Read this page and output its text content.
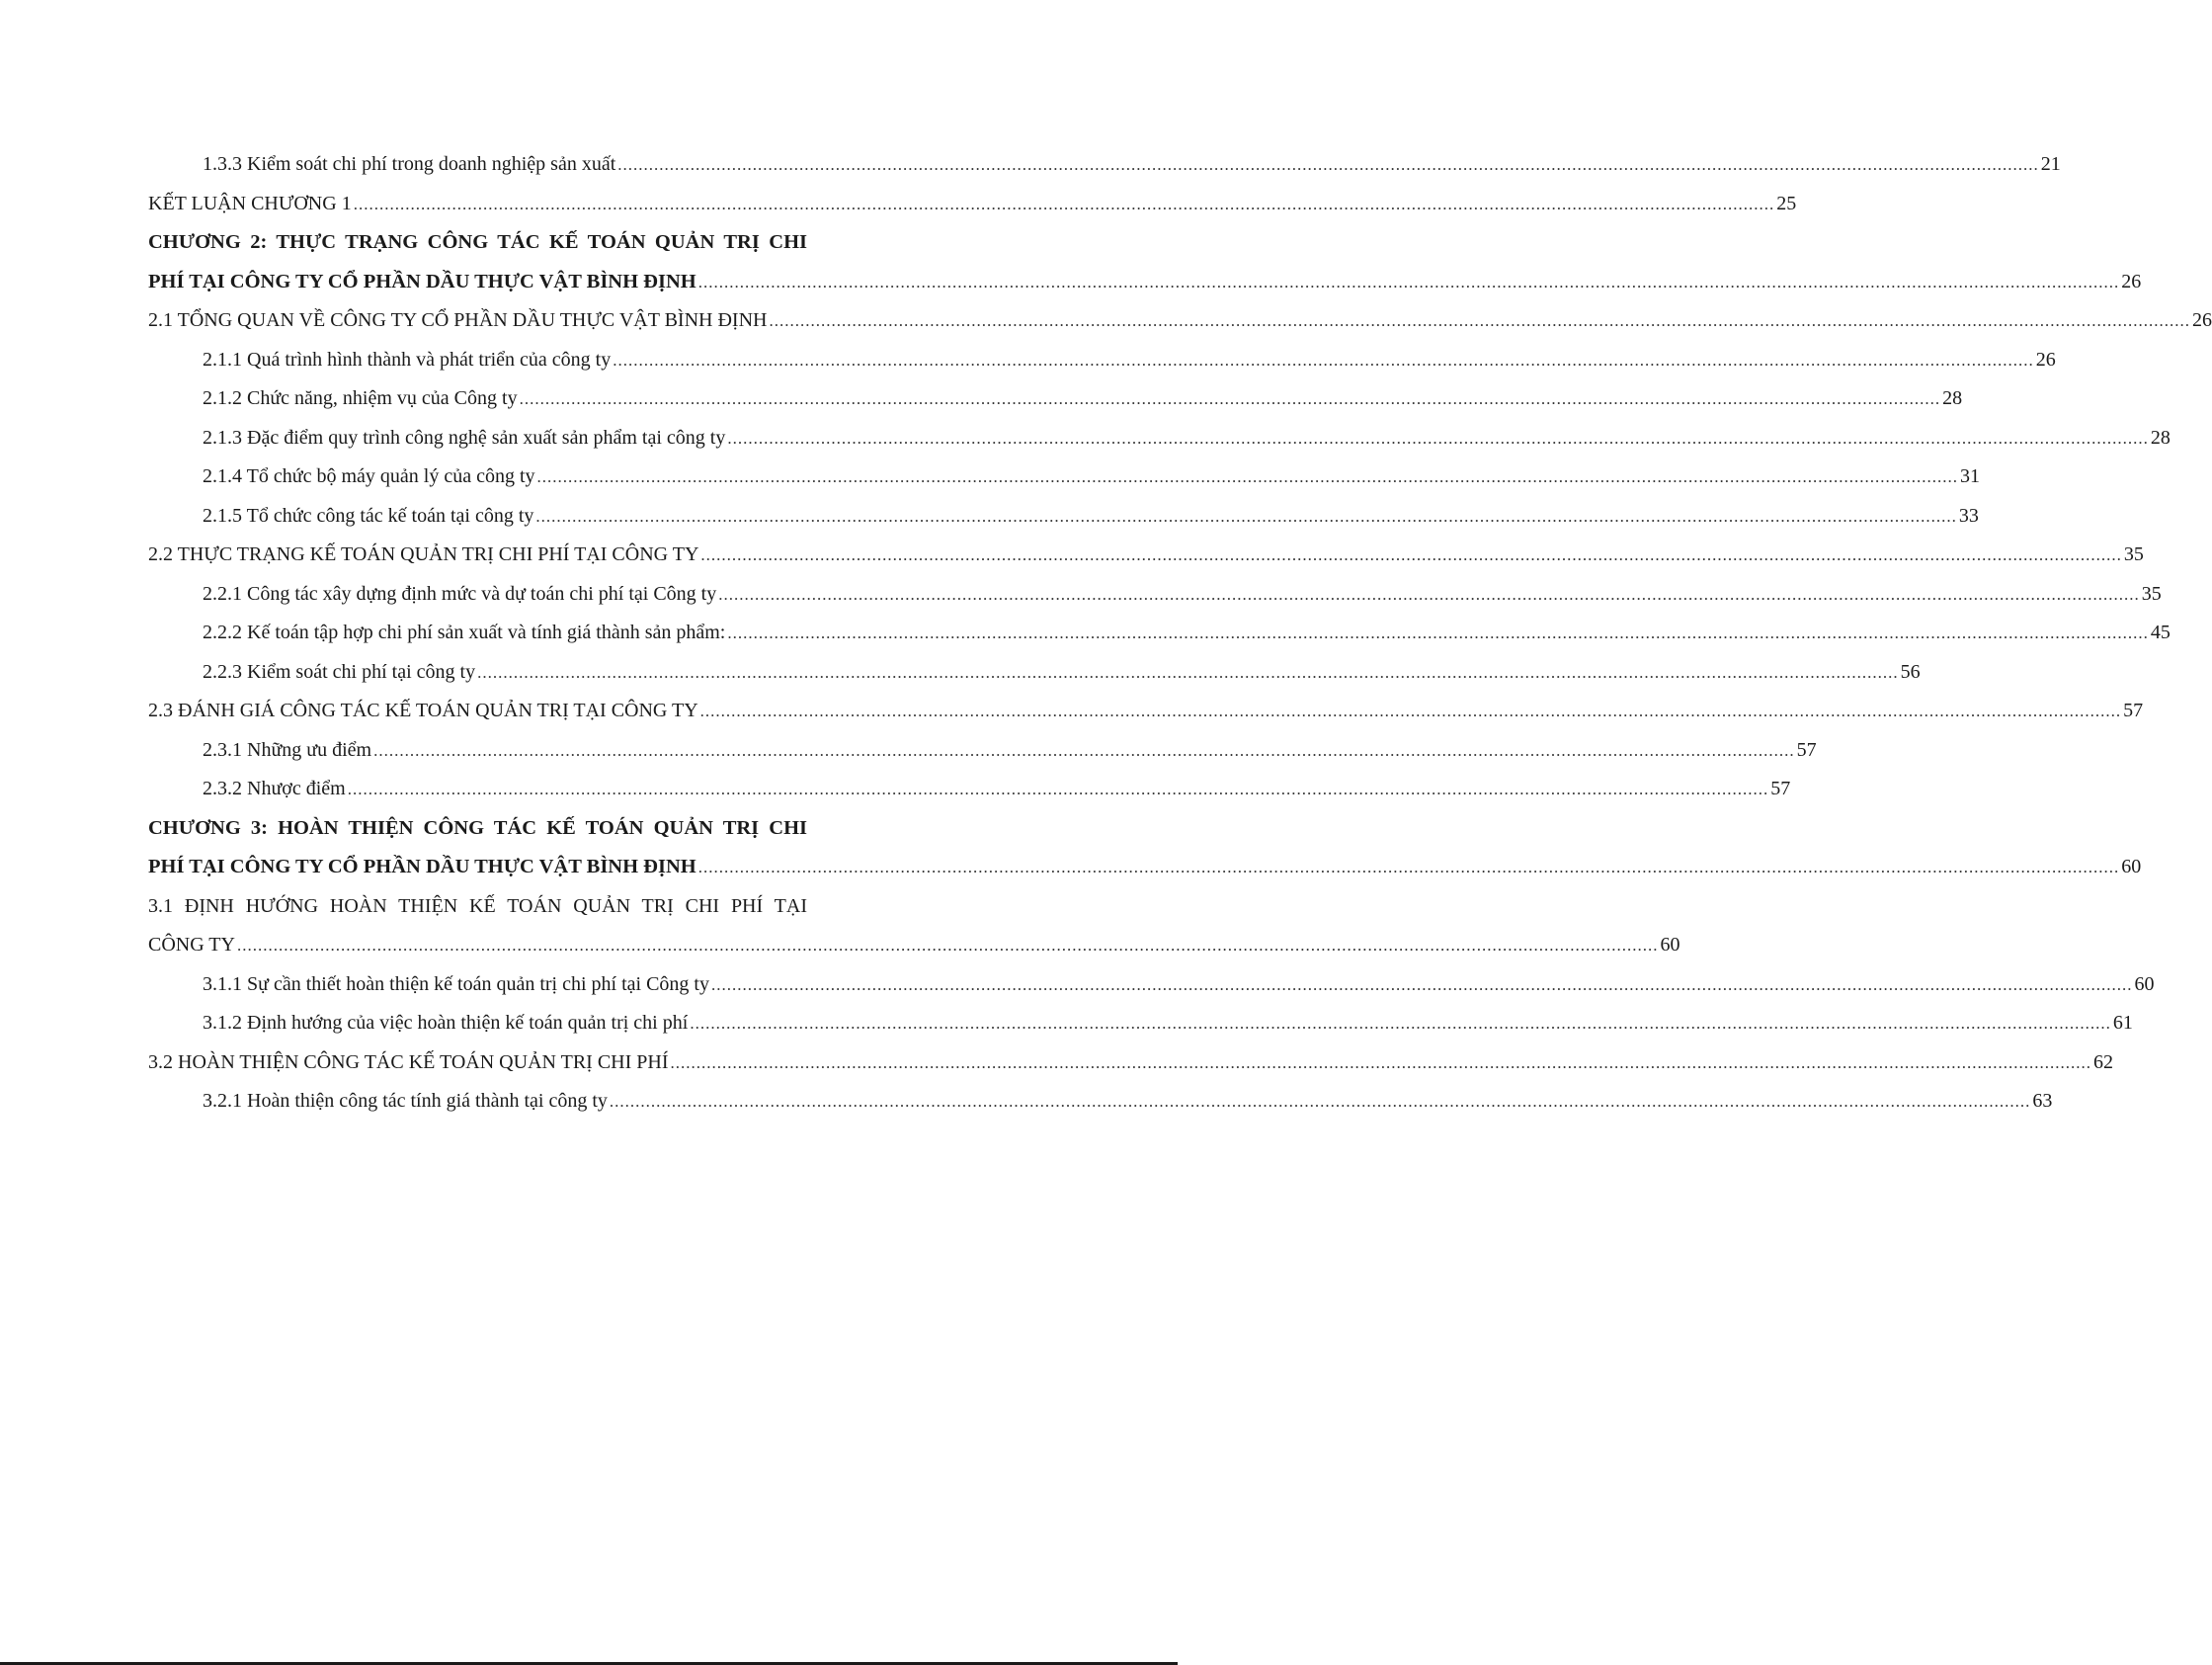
1.3.3 Kiểm soát chi phí trong doanh nghiệp sản xuất .....	21
KẾT LUẬN CHƯƠNG 1 .....	25
CHƯƠNG 2: THỰC TRẠNG CÔNG TÁC KẾ TOÁN QUẢN TRỊ CHI
PHÍ TẠI CÔNG TY CỔ PHẦN DẦU THỰC VẬT BÌNH ĐỊNH .....	26
2.1 TỔNG QUAN VỀ CÔNG TY CỔ PHẦN DẦU THỰC VẬT BÌNH ĐỊNH .....	26
2.1.1 Quá trình hình thành và phát triển của công ty .....	26
2.1.2 Chức năng, nhiệm vụ của Công ty .....	28
2.1.3 Đặc điểm quy trình công nghệ sản xuất sản phẩm tại công ty .....	28
2.1.4 Tổ chức bộ máy quản lý của công ty .....	31
2.1.5 Tổ chức công tác kế toán tại công ty .....	33
2.2 THỰC TRẠNG KẾ TOÁN QUẢN TRỊ CHI PHÍ TẠI CÔNG TY .....	35
2.2.1 Công tác xây dựng định mức và dự toán chi phí tại Công ty .....	35
2.2.2 Kế toán tập hợp chi phí sản xuất và tính giá thành sản phẩm: .....	45
2.2.3 Kiểm soát chi phí tại công ty .....	56
2.3 ĐÁNH GIÁ CÔNG TÁC KẾ TOÁN QUẢN TRỊ TẠI CÔNG TY .....	57
2.3.1 Những ưu điểm .....	57
2.3.2 Nhược điểm .....	57
CHƯƠNG 3: HOÀN THIỆN CÔNG TÁC KẾ TOÁN QUẢN TRỊ CHI
PHÍ TẠI CÔNG TY CỔ PHẦN DẦU THỰC VẬT BÌNH ĐỊNH .....	60
3.1 ĐỊNH HƯỚNG HOÀN THIỆN KẾ TOÁN QUẢN TRỊ CHI PHÍ TẠI
CÔNG TY .....	60
3.1.1 Sự cần thiết hoàn thiện kế toán quản trị chi phí tại Công ty .....	60
3.1.2 Định hướng của việc hoàn thiện kế toán quản trị chi phí .....	61
3.2 HOÀN THIỆN CÔNG TÁC KẾ TOÁN QUẢN TRỊ CHI PHÍ .....	62
3.2.1 Hoàn thiện công tác tính giá thành tại công ty .....	63
